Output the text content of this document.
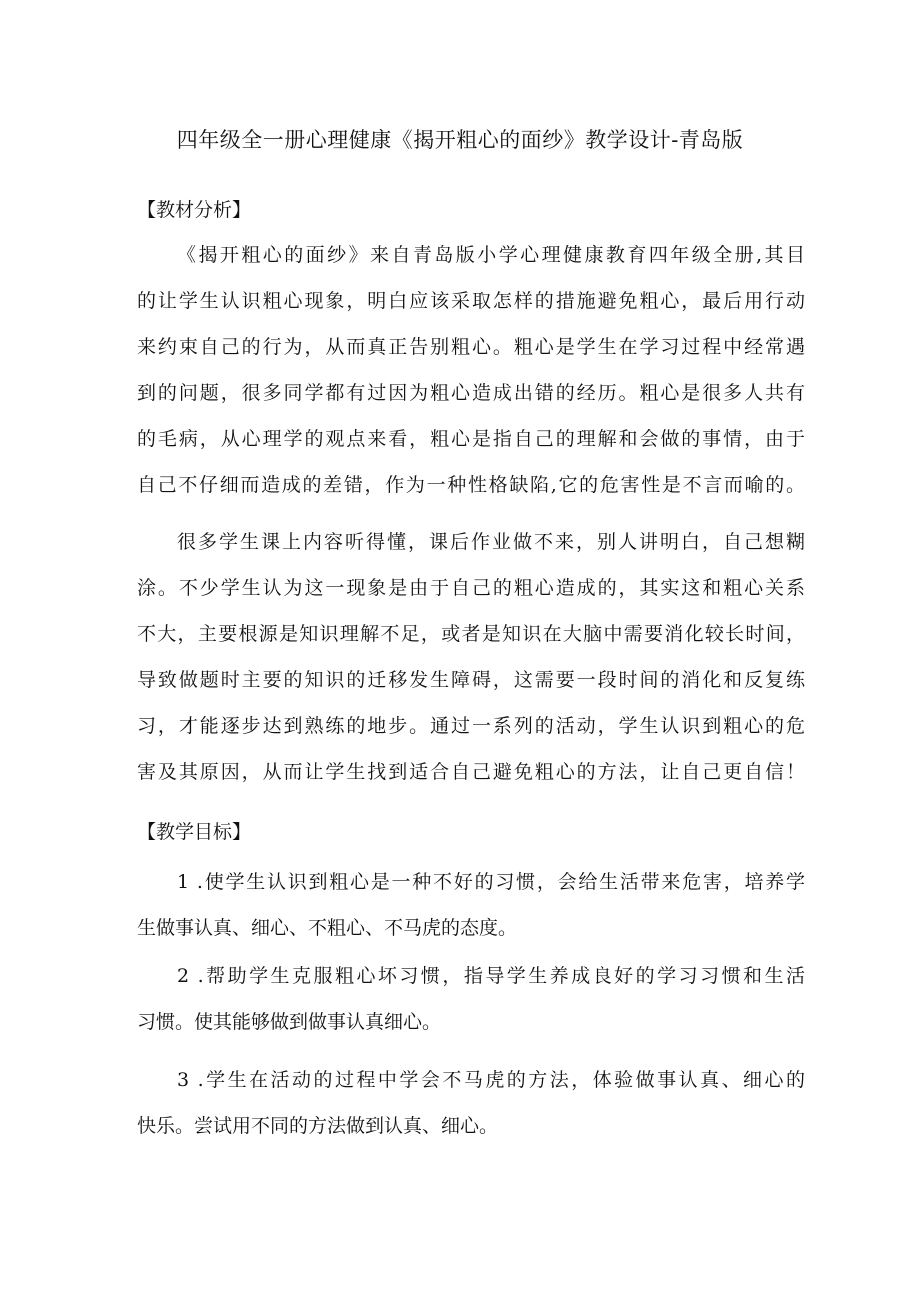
四年级全一册心理健康《揭开粗心的面纱》教学设计-青岛版
【教材分析】
《揭开粗心的面纱》来自青岛版小学心理健康教育四年级全册,其目
的让学生认识粗心现象，明白应该采取怎样的措施避免粗心，最后用行动
来约束自己的行为，从而真正告别粗心。粗心是学生在学习过程中经常遇
到的问题，很多同学都有过因为粗心造成出错的经历。粗心是很多人共有
的毛病，从心理学的观点来看，粗心是指自己的理解和会做的事情，由于
自己不仔细而造成的差错，作为一种性格缺陷,它的危害性是不言而喻的。
很多学生课上内容听得懂，课后作业做不来，别人讲明白，自己想糊
涂。不少学生认为这一现象是由于自己的粗心造成的，其实这和粗心关系
不大，主要根源是知识理解不足，或者是知识在大脑中需要消化较长时间，
导致做题时主要的知识的迁移发生障碍，这需要一段时间的消化和反复练
习，才能逐步达到熟练的地步。通过一系列的活动，学生认识到粗心的危
害及其原因，从而让学生找到适合自己避免粗心的方法，让自己更自信！
【教学目标】
1 .使学生认识到粗心是一种不好的习惯，会给生活带来危害，培养学
生做事认真、细心、不粗心、不马虎的态度。
2 .帮助学生克服粗心坏习惯，指导学生养成良好的学习习惯和生活
习惯。使其能够做到做事认真细心。
3 .学生在活动的过程中学会不马虎的方法，体验做事认真、细心的
快乐。尝试用不同的方法做到认真、细心。
